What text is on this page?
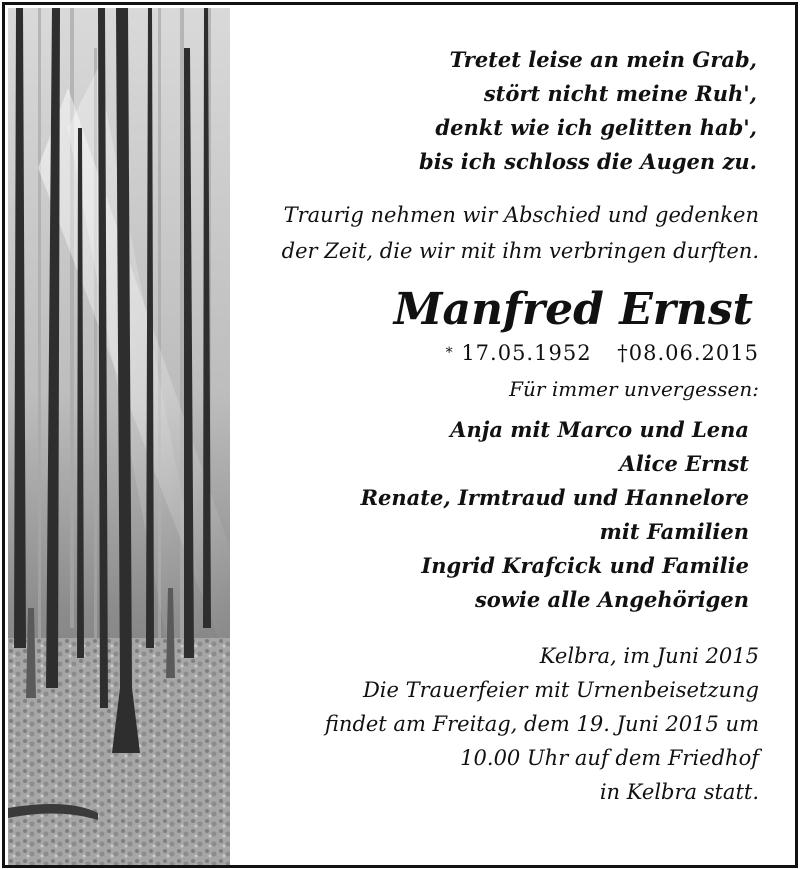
Tretet leise an mein Grab,
stört nicht meine Ruh',
denkt wie ich gelitten hab',
bis ich schloss die Augen zu.
Traurig nehmen wir Abschied und gedenken
der Zeit, die wir mit ihm verbringen durften.
Manfred Ernst
* 17.05.1952 †08.06.2015
Für immer unvergessen:
Anja mit Marco und Lena
Alice Ernst
Renate, Irmtraud und Hannelore
mit Familien
Ingrid Krafcick und Familie
sowie alle Angehörigen
Kelbra, im Juni 2015
Die Trauerfeier mit Urnenbeisetzung
findet am Freitag, dem 19. Juni 2015 um
10.00 Uhr auf dem Friedhof
in Kelbra statt.
